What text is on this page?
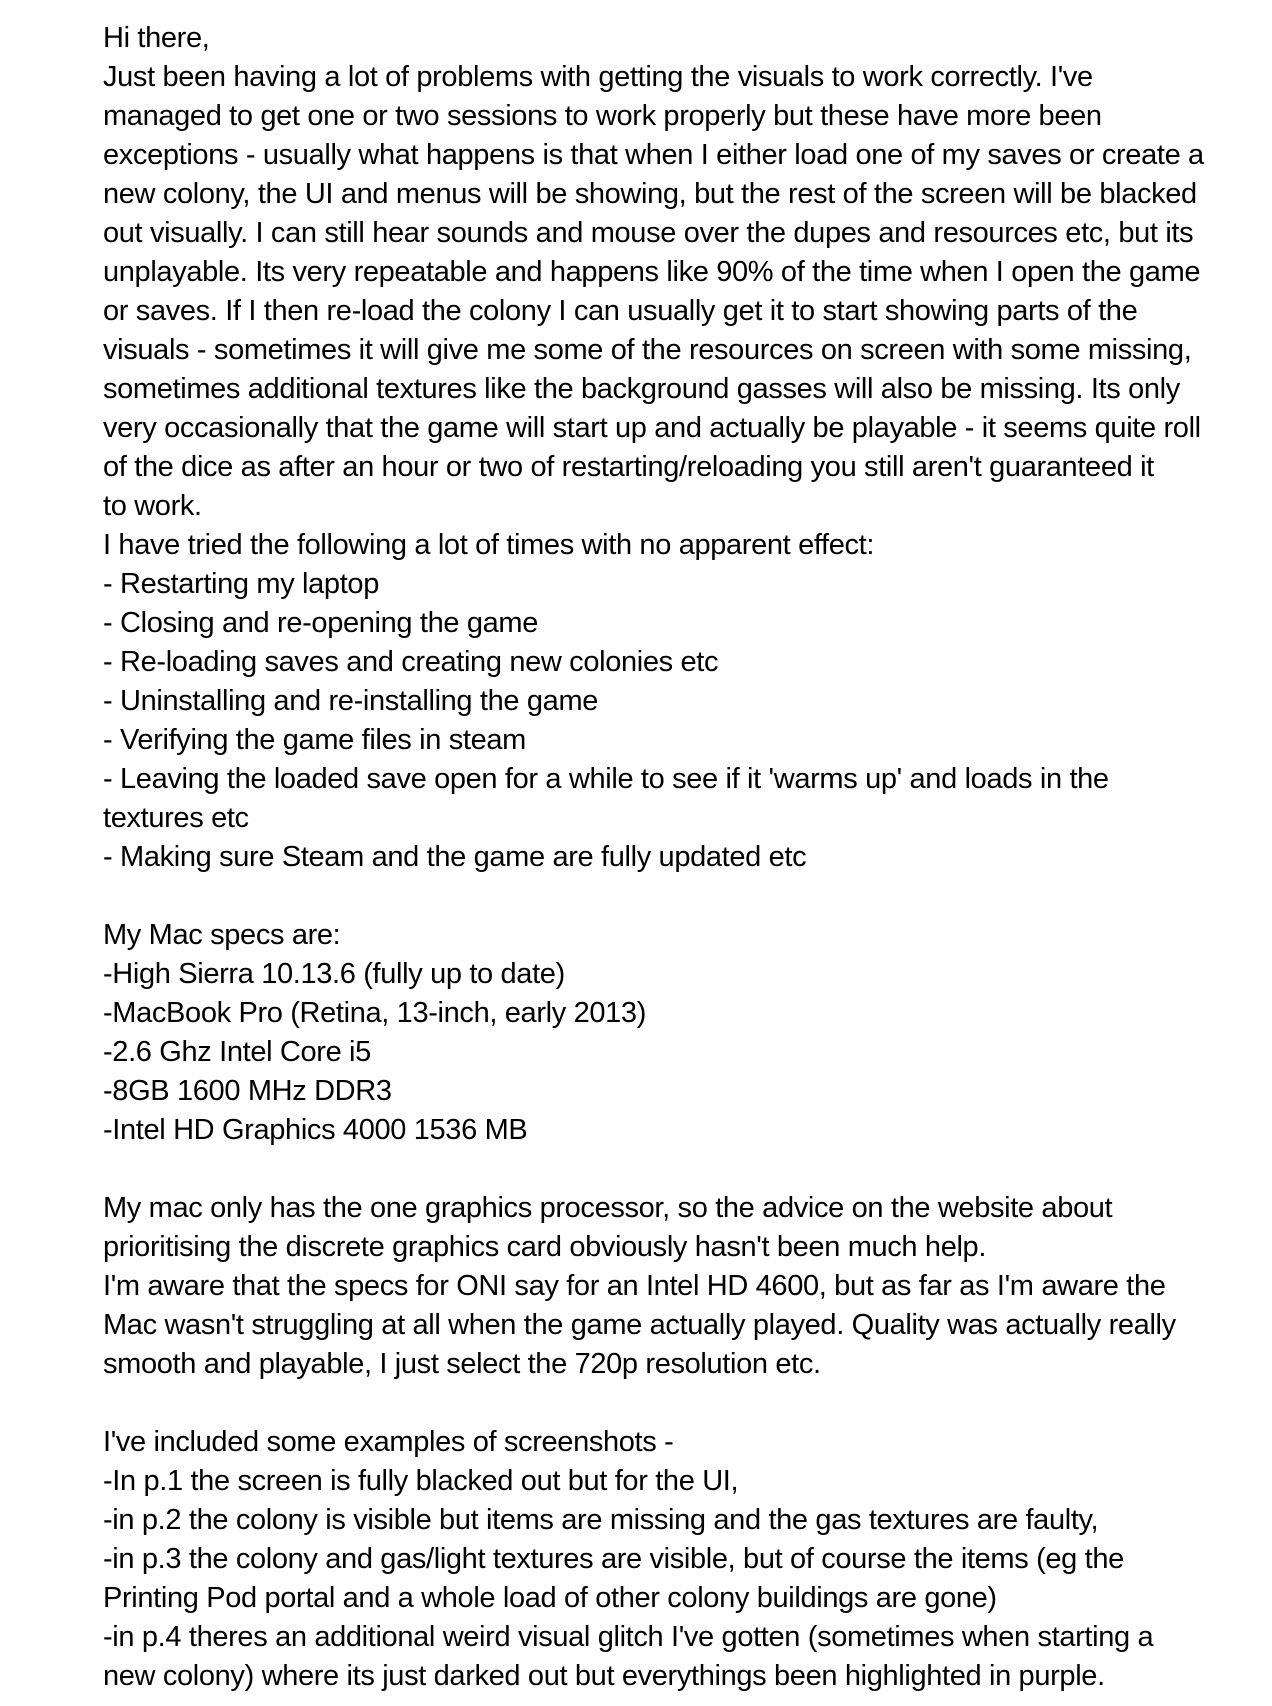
Hi there,
Just been having a lot of problems with getting the visuals to work correctly. I've
managed to get one or two sessions to work properly but these have more been
exceptions - usually what happens is that when I either load one of my saves or create a
new colony, the UI and menus will be showing, but the rest of the screen will be blacked
out visually. I can still hear sounds and mouse over the dupes and resources etc, but its
unplayable. Its very repeatable and happens like 90% of the time when I open the game
or saves. If I then re-load the colony I can usually get it to start showing parts of the
visuals - sometimes it will give me some of the resources on screen with some missing,
sometimes additional textures like the background gasses will also be missing. Its only
very occasionally that the game will start up and actually be playable - it seems quite roll
of the dice as after an hour or two of restarting/reloading you still aren't guaranteed it
to work.
I have tried the following a lot of times with no apparent effect:
- Restarting my laptop
- Closing and re-opening the game
- Re-loading saves and creating new colonies etc
- Uninstalling and re-installing the game
- Verifying the game files in steam
- Leaving the loaded save open for a while to see if it 'warms up' and loads in the
textures etc
- Making sure Steam and the game are fully updated etc

My Mac specs are:
-High Sierra 10.13.6 (fully up to date)
-MacBook Pro (Retina, 13-inch, early 2013)
-2.6 Ghz Intel Core i5
-8GB 1600 MHz DDR3
-Intel HD Graphics 4000 1536 MB

My mac only has the one graphics processor, so the advice on the website about
prioritising the discrete graphics card obviously hasn't been much help.
I'm aware that the specs for ONI say for an Intel HD 4600, but as far as I'm aware the
Mac wasn't struggling at all when the game actually played. Quality was actually really
smooth and playable, I just select the 720p resolution etc.

I've included some examples of screenshots -
-In p.1 the screen is fully blacked out but for the UI,
-in p.2 the colony is visible but items are missing and the gas textures are faulty,
-in p.3 the colony and gas/light textures are visible, but of course the items (eg the
Printing Pod portal and a whole load of other colony buildings are gone)
-in p.4 theres an additional weird visual glitch I've gotten (sometimes when starting a
new colony) where its just darked out but everythings been highlighted in purple.
